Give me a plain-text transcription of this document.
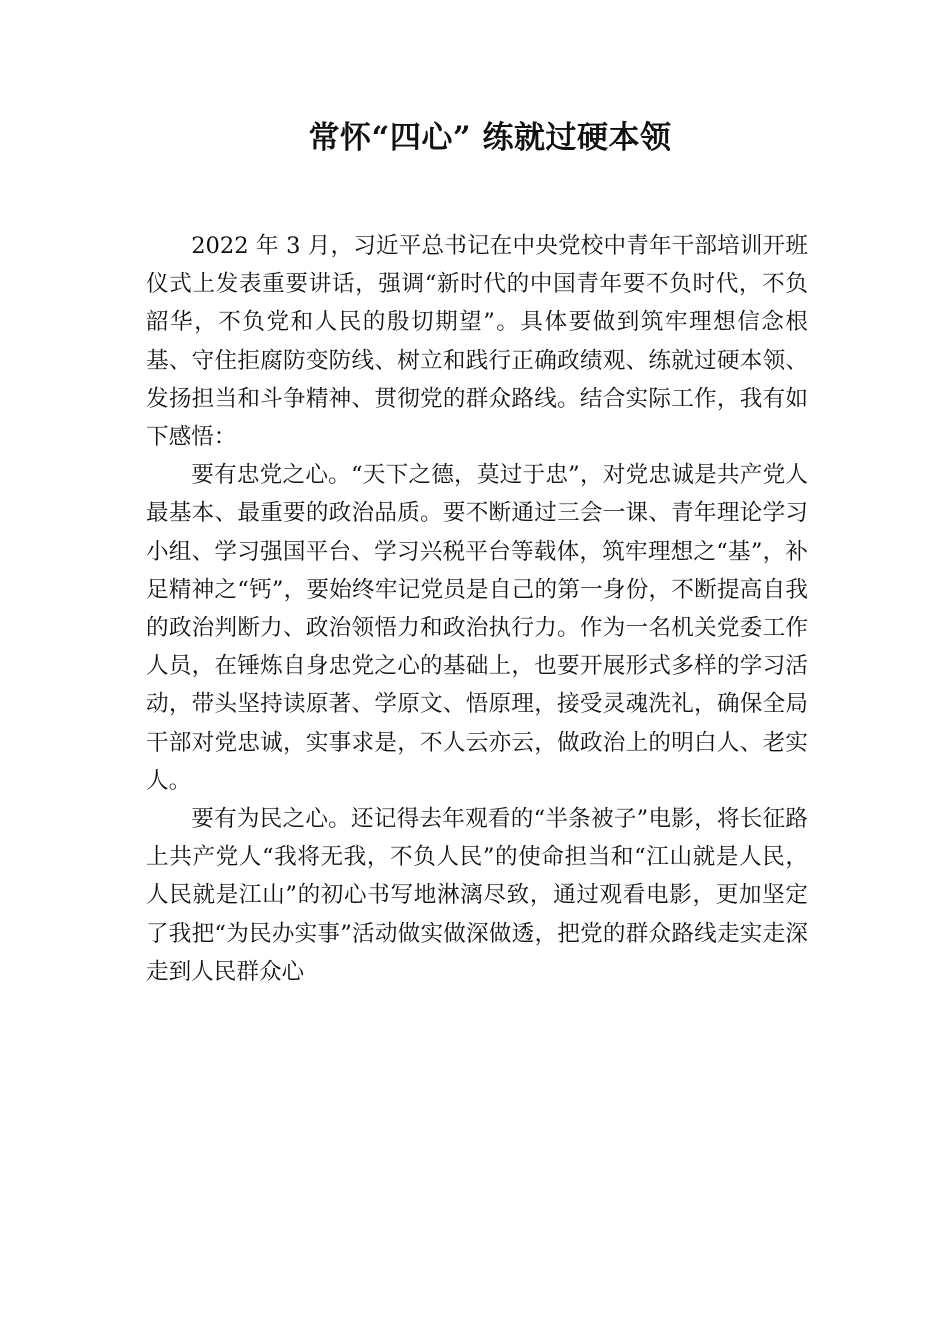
常怀“四心” 练就过硬本领

2022 年 3 月，习近平总书记在中央党校中青年干部培训开班仪式上发表重要讲话，强调“新时代的中国青年要不负时代，不负韶华，不负党和人民的殷切期望”。具体要做到筑牢理想信念根基、守住拒腐防变防线、树立和践行正确政绩观、练就过硬本领、发扬担当和斗争精神、贯彻党的群众路线。结合实际工作，我有如下感悟：

要有忠党之心。“天下之德，莫过于忠”，对党忠诚是共产党人最基本、最重要的政治品质。要不断通过三会一课、青年理论学习小组、学习强国平台、学习兴税平台等载体，筑牢理想之“基”，补足精神之“钙”，要始终牢记党员是自己的第一身份，不断提高自我的政治判断力、政治领悟力和政治执行力。作为一名机关党委工作人员，在锤炼自身忠党之心的基础上，也要开展形式多样的学习活动，带头坚持读原著、学原文、悟原理，接受灵魂洗礼，确保全局干部对党忠诚，实事求是，不人云亦云，做政治上的明白人、老实人。

要有为民之心。还记得去年观看的“半条被子”电影，将长征路上共产党人“我将无我，不负人民”的使命担当和“江山就是人民，人民就是江山”的初心书写地淋漓尽致，通过观看电影，更加坚定了我把“为民办实事”活动做实做深做透，把党的群众路线走实走深走到人民群众心
